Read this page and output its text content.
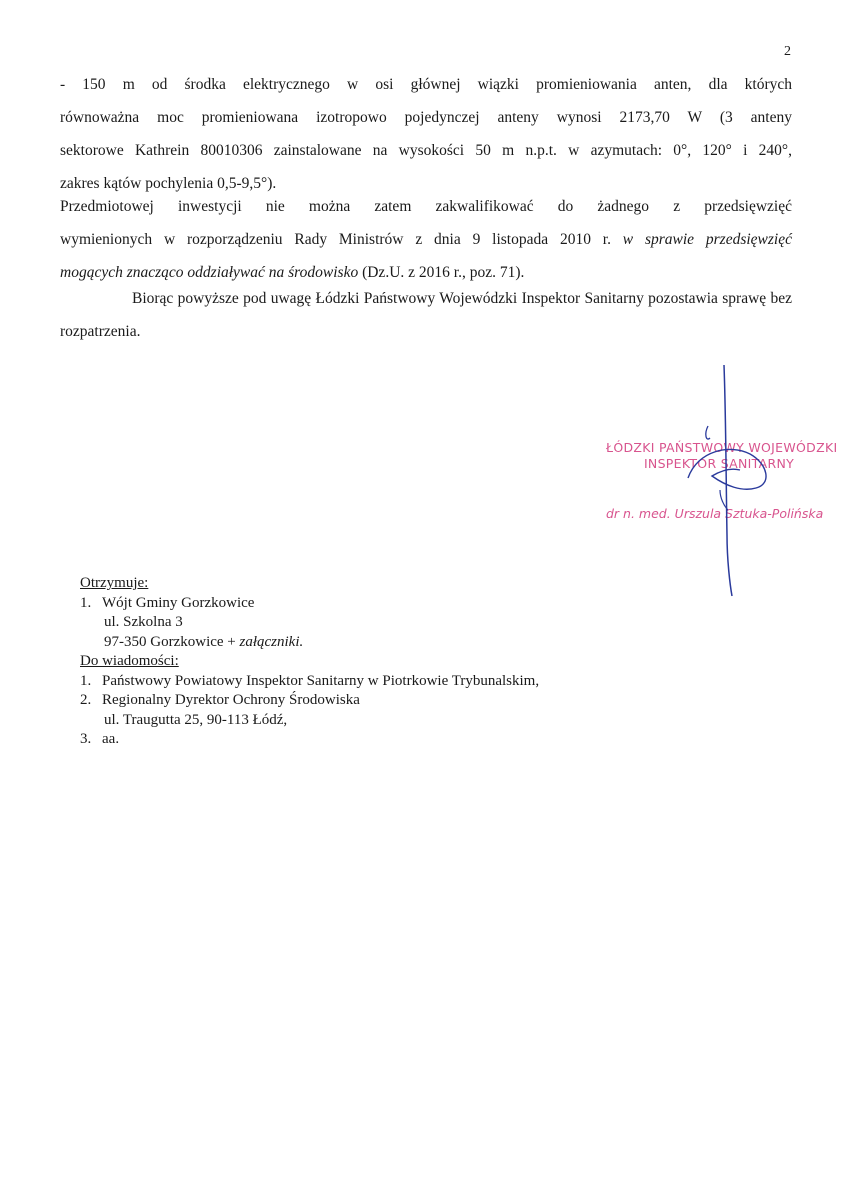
2

- 150 m od środka elektrycznego w osi głównej wiązki promieniowania anten, dla których
równoważna moc promieniowana izotropowo pojedynczej anteny wynosi 2173,70 W (3 anteny
sektorowe Kathrein 80010306 zainstalowane na wysokości 50 m n.p.t. w azymutach: 0°, 120° i 240°,
zakres kątów pochylenia 0,5-9,5°).

Przedmiotowej inwestycji nie można zatem zakwalifikować do żadnego z przedsięwzięć
wymienionych w rozporządzeniu Rady Ministrów z dnia 9 listopada 2010 r. w sprawie przedsięwzięć
mogących znacząco oddziaływać na środowisko (Dz.U. z 2016 r., poz. 71).

Biorąc powyższe pod uwagę Łódzki Państwowy Wojewódzki Inspektor Sanitarny pozostawia sprawę bez rozpatrzenia.

ŁÓDZKI PAŃSTWOWY WOJEWÓDZKI
INSPEKTOR SANITARNY
dr n. med. Urszula Sztuka-Polińska
Otrzymuje:
1. Wójt Gminy Gorzkowice
ul. Szkolna 3
97-350 Gorzkowice + załączniki.
Do wiadomości:
1. Państwowy Powiatowy Inspektor Sanitarny w Piotrkowie Trybunalskim,
2. Regionalny Dyrektor Ochrony Środowiska
ul. Traugutta 25, 90-113 Łódź,
3. aa.
